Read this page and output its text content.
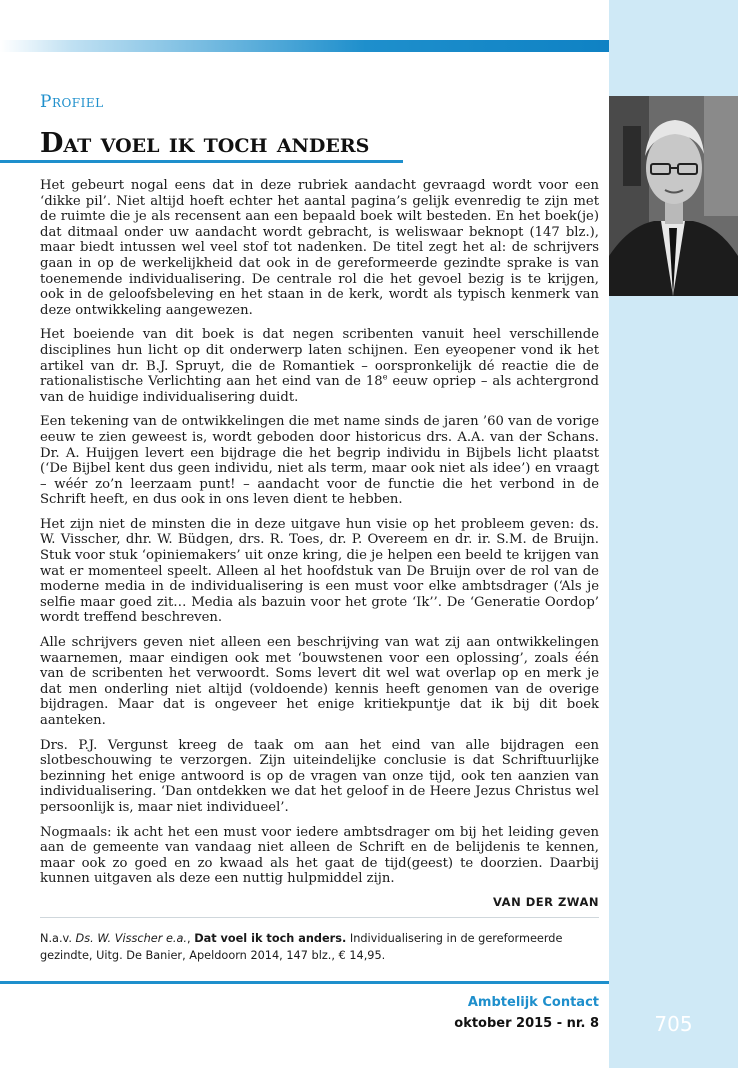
Profiel
Dat voel ik toch anders

Het gebeurt nogal eens dat in deze rubriek aandacht gevraagd wordt voor een ‘dikke pil’. Niet altijd hoeft echter het aantal pagina’s gelijk evenredig te zijn met de ruimte die je als recensent aan een bepaald boek wilt besteden. En het boek(je) dat ditmaal onder uw aandacht wordt gebracht, is weliswaar beknopt (147 blz.), maar biedt intussen wel veel stof tot nadenken. De titel zegt het al: de schrijvers gaan in op de werkelijkheid dat ook in de gereformeerde gezindte sprake is van toenemende individualisering. De centrale rol die het gevoel bezig is te krijgen, ook in de geloofsbeleving en het staan in de kerk, wordt als typisch kenmerk van deze ontwikkeling aangewezen.

Het boeiende van dit boek is dat negen scribenten vanuit heel verschillende disciplines hun licht op dit onderwerp laten schijnen. Een eyeopener vond ik het artikel van dr. B.J. Spruyt, die de Romantiek – oorspronkelijk dé reactie die de rationalistische Verlichting aan het eind van de 18e eeuw opriep – als achtergrond van de huidige individualisering duidt.

Een tekening van de ontwikkelingen die met name sinds de jaren ’60 van de vorige eeuw te zien geweest is, wordt geboden door historicus drs. A.A. van der Schans. Dr. A. Huijgen levert een bijdrage die het begrip individu in Bijbels licht plaatst (‘De Bijbel kent dus geen individu, niet als term, maar ook niet als idee’) en vraagt – wéér zo’n leerzaam punt! – aandacht voor de functie die het verbond in de Schrift heeft, en dus ook in ons leven dient te hebben.

Het zijn niet de minsten die in deze uitgave hun visie op het probleem geven: ds. W. Visscher, dhr. W. Büdgen, drs. R. Toes, dr. P. Overeem en dr. ir. S.M. de Bruijn. Stuk voor stuk ‘opiniemakers’ uit onze kring, die je helpen een beeld te krijgen van wat er momenteel speelt. Alleen al het hoofdstuk van De Bruijn over de rol van de moderne media in de individualisering is een must voor elke ambtsdrager (‘Als je selfie maar goed zit… Media als bazuin voor het grote ‘Ik’’. De ‘Generatie Oordop’ wordt treffend beschreven.

Alle schrijvers geven niet alleen een beschrijving van wat zij aan ontwikkelingen waarnemen, maar eindigen ook met ‘bouwstenen voor een oplossing’, zoals één van de scribenten het verwoordt. Soms levert dit wel wat overlap op en merk je dat men onderling niet altijd (voldoende) kennis heeft genomen van de overige bijdragen. Maar dat is ongeveer het enige kritiekpuntje dat ik bij dit boek aanteken.

Drs. P.J. Vergunst kreeg de taak om aan het eind van alle bijdragen een slotbeschouwing te verzorgen. Zijn uiteindelijke conclusie is dat Schriftuurlijke bezinning het enige antwoord is op de vragen van onze tijd, ook ten aanzien van individualisering. ‘Dan ontdekken we dat het geloof in de Heere Jezus Christus wel persoonlijk is, maar niet individueel’.

Nogmaals: ik acht het een must voor iedere ambtsdrager om bij het leiding geven aan de gemeente van vandaag niet alleen de Schrift en de belijdenis te kennen, maar ook zo goed en zo kwaad als het gaat de tijd(geest) te doorzien. Daarbij kunnen uitgaven als deze een nuttig hulpmiddel zijn.

VAN DER ZWAN
N.a.v. Ds. W. Visscher e.a., Dat voel ik toch anders. Individualisering in de gereformeerde gezindte, Uitg. De Banier, Apeldoorn 2014, 147 blz., € 14,95.
Ambtelijk Contact
oktober 2015 - nr. 8	705
